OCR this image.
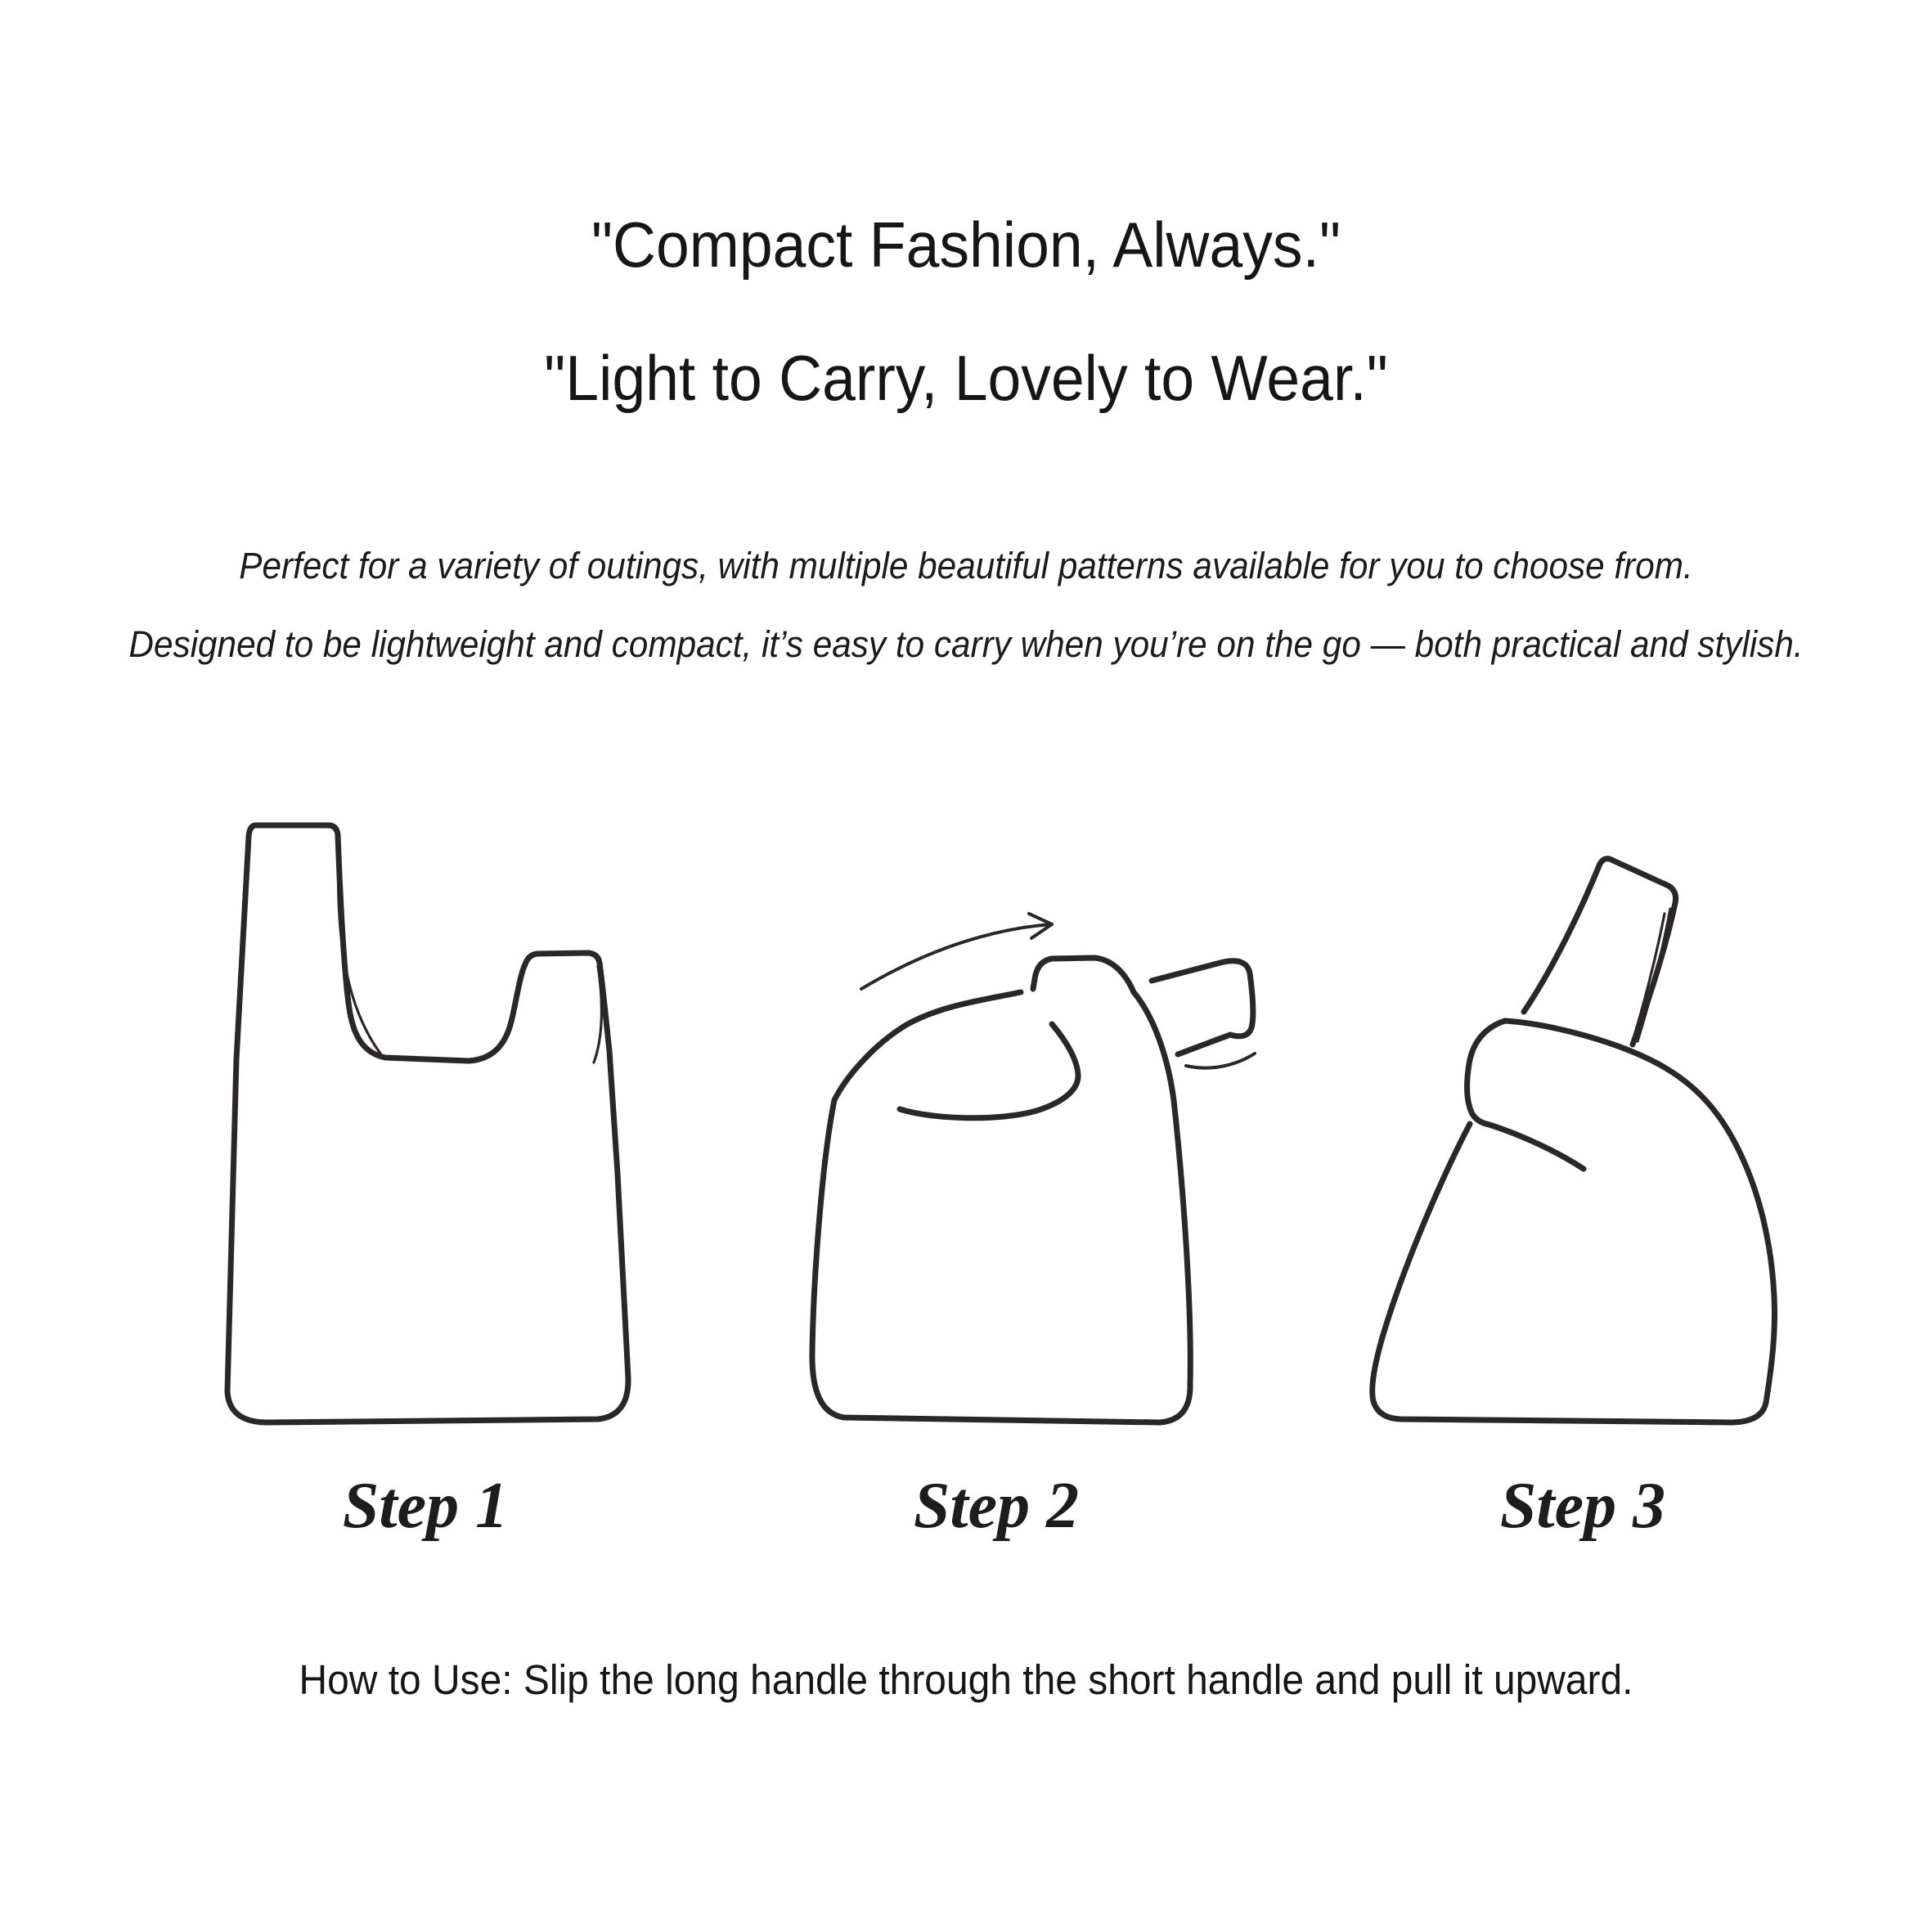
"Compact Fashion, Always."
"Light to Carry, Lovely to Wear."
Perfect for a variety of outings, with multiple beautiful patterns available for you to choose from.
Designed to be lightweight and compact, it’s easy to carry when you’re on the go — both practical and stylish.
Step 1	Step 2	Step 3
How to Use: Slip the long handle through the short handle and pull it upward.
